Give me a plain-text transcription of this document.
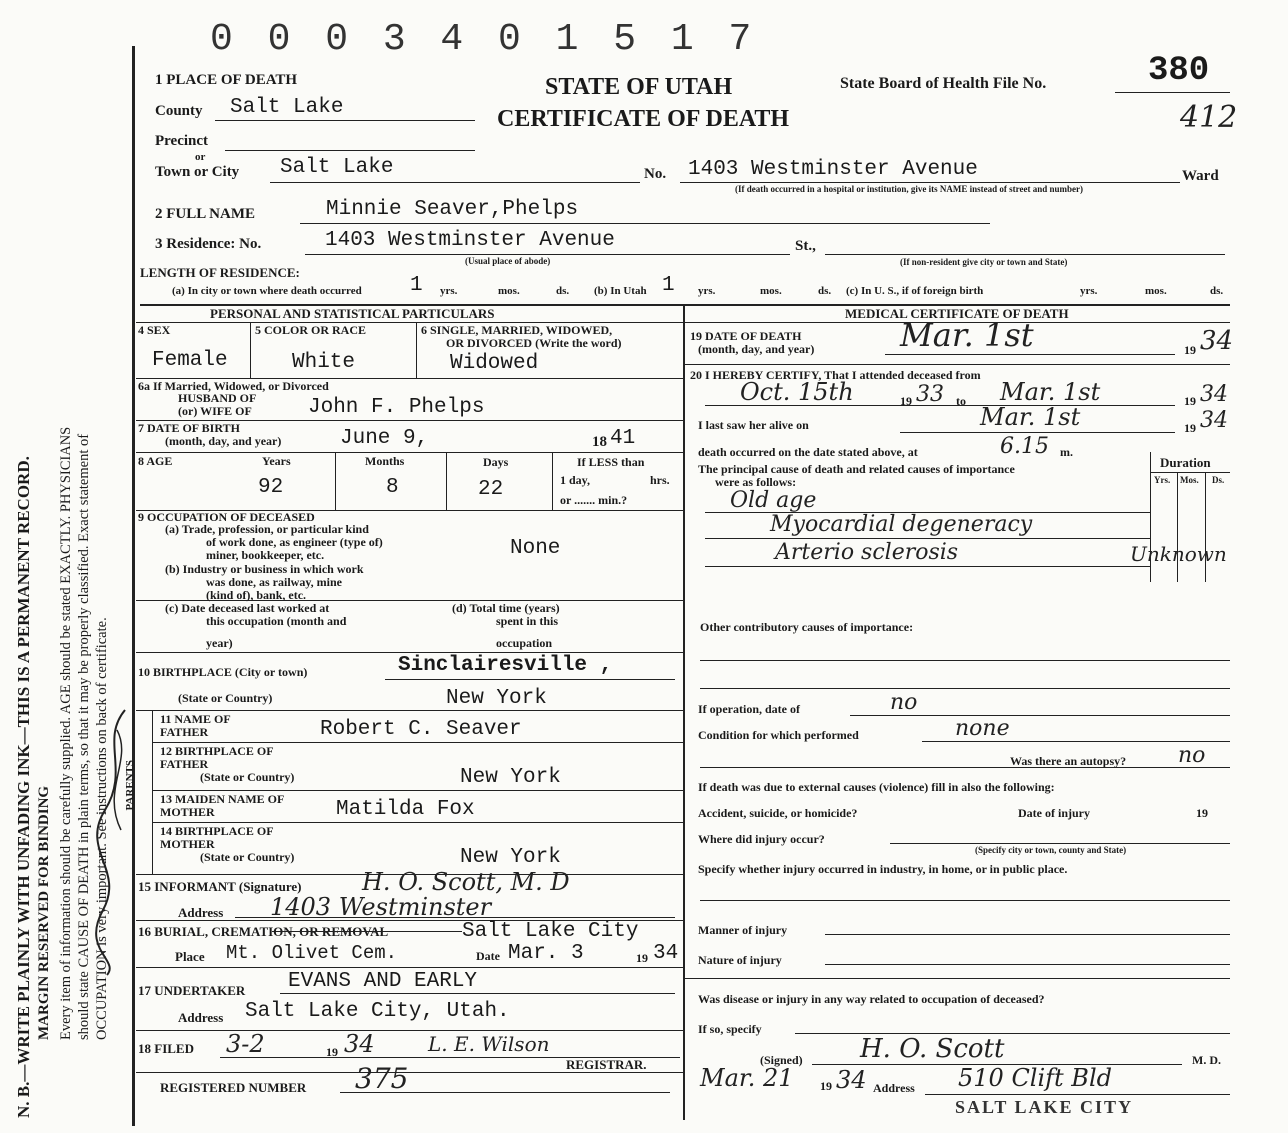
N. B.—WRITE PLAINLY WITH UNFADING INK—THIS IS A PERMANENT RECORD. MARGIN RESERVED FOR BINDING Every item of information should be carefully supplied. AGE should be stated EXACTLY. PHYSICIANS should state CAUSE OF DEATH in plain terms, so that it may be properly classified. Exact statement of OCCUPATION is very important. See instructions on back of certificate.
0 0 0 3 4 0 1 5 1 7
1 PLACE OF DEATH	STATE OF UTAH
CERTIFICATE OF DEATH
State Board of Health File No.	380
412
County Salt Lake
Precinct
or
Town or City Salt Lake	No. 1403 Westminster Avenue	Ward
(If death occurred in a hospital or institution, give its NAME instead of street and number)
2 FULL NAME	Minnie Seaver,Phelps
3 Residence: No.	1403 Westminster Avenue	St.,
(Usual place of abode)	(If non-resident give city or town and State)
LENGTH OF RESIDENCE:
(a) In city or town where death occurred 1 yrs.	mos.	ds. (b) In Utah 1 yrs.	mos.	ds. (c) In U. S., if of foreign birth	yrs.	mos.	ds.
PERSONAL AND STATISTICAL PARTICULARS
4 SEX	5 COLOR OR RACE	6 SINGLE, MARRIED, WIDOWED,
OR DIVORCED (Write the word)
Female	White	Widowed
6a If Married, Widowed, or Divorced
HUSBAND OF
(or) WIFE OF	John F. Phelps
7 DATE OF BIRTH
(month, day, and year)	June 9,	18 41
8 AGE	Years	Months	Days	If LESS than
92	8	22	1 day,	hrs.
or ....... min.?
9 OCCUPATION OF DECEASED
(a) Trade, profession, or particular kind
of work done, as engineer (type of)
miner, bookkeeper, etc.	None
(b) Industry or business in which work
was done, as railway, mine
(kind of), bank, etc.
(c) Date deceased last worked at
this occupation (month and
year)
(d) Total time (years)
spent in this
occupation
10 BIRTHPLACE (City or town)	Sinclairesville ,
(State or Country)	New York
PARENTS
11 NAME OF FATHER	Robert C. Seaver
12 BIRTHPLACE OF FATHER
(State or Country)	New York
13 MAIDEN NAME OF MOTHER	Matilda Fox
14 BIRTHPLACE OF MOTHER
(State or Country)	New York
15 INFORMANT (Signature)	H. O. Scott, M. D
Address 1403 Westminster
16 BURIAL, CREMATION, OR REMOVAL	Salt Lake City
Place Mt. Olivet Cem.	Date Mar. 3	19 34
17 UNDERTAKER EVANS AND EARLY
Address Salt Lake City, Utah.
18 FILED 3-2	19 34	L. E. Wilson
REGISTRAR.
REGISTERED NUMBER 375
MEDICAL CERTIFICATE OF DEATH
19 DATE OF DEATH
(month, day, and year)	Mar. 1st	19 34
20 I HEREBY CERTIFY, That I attended deceased from
Oct. 15th	19 33 to Mar. 1st	19 34
I last saw her alive on	Mar. 1st	19 34
death occurred on the date stated above, at	6.15 m.
The principal cause of death and related causes of importance
were as follows:
Duration
Yrs. Mos. Ds.
Old age
Myocardial degeneracy
Arterio sclerosis	Unknown
Other contributory causes of importance:
If operation, date of	no
Condition for which performed	none
Was there an autopsy? no
If death was due to external causes (violence) fill in also the following:
Accident, suicide, or homicide?	Date of injury	19
Where did injury occur?
(Specify city or town, county and State)
Specify whether injury occurred in industry, in home, or in public place.
Manner of injury
Nature of injury
Was disease or injury in any way related to occupation of deceased?
If so, specify
(Signed) H. O. Scott	M. D.
Mar. 21 19 34 Address 510 Clift Bld
SALT LAKE CITY
